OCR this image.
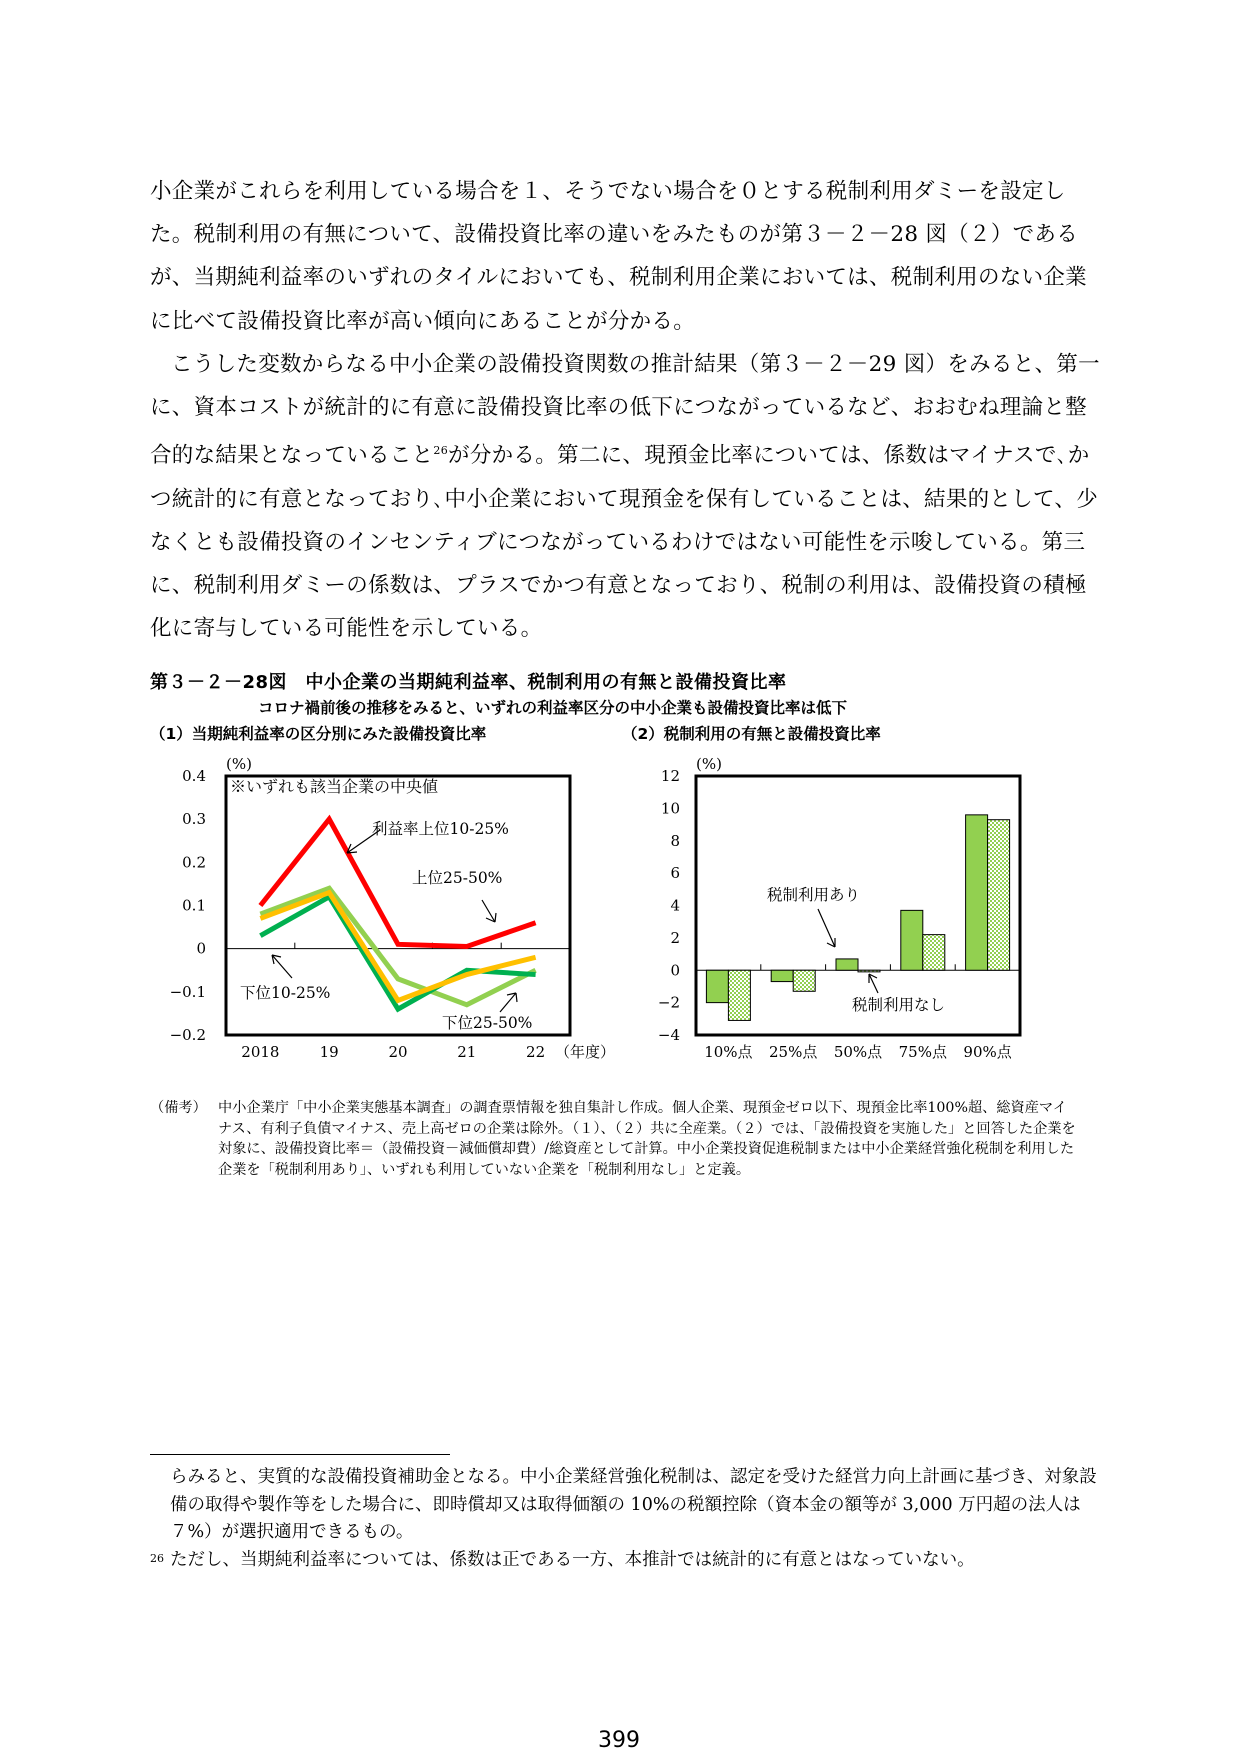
小企業がこれらを利用している場合を１、そうでない場合を０とする税制利用ダミーを設定した。税制利用の有無について、設備投資比率の違いをみたものが第３－２－28 図（２）であるが、当期純利益率のいずれのタイルにおいても、税制利用企業においては、税制利用のない企業に比べて設備投資比率が高い傾向にあることが分かる。

こうした変数からなる中小企業の設備投資関数の推計結果（第３－２－29 図）をみると、第一に、資本コストが統計的に有意に設備投資比率の低下につながっているなど、おおむね理論と整合的な結果となっていること$^{26}$が分かる。第二に、現預金比率については、係数はマイナスで､かつ統計的に有意となっており､中小企業において現預金を保有していることは、結果的として、少なくとも設備投資のインセンティブにつながっているわけではない可能性を示唆している。第三に、税制利用ダミーの係数は、プラスでかつ有意となっており、税制の利用は、設備投資の積極化に寄与している可能性を示している。

第３－２－28図　中小企業の当期純利益率、税制利用の有無と設備投資比率
コロナ禍前後の推移をみると、いずれの利益率区分の中小企業も設備投資比率は低下
（1）当期純利益率の区分別にみた設備投資比率	（2）税制利用の有無と設備投資比率
0.4
0.3
0.2
0.1
0
−0.1
−0.2
2018	19	20	21	22
(%)
※いずれも該当企業の中央値
（年度）
利益率上位10-25%
上位25-50%
下位10-25%
下位25-50%
12
10
8
6
4
2
0
−2
−4
10%点 25%点 50%点 75%点 90%点
(%)
税制利用あり
税制利用なし
（備考） 中小企業庁「中小企業実態基本調査」の調査票情報を独自集計し作成。個人企業、現預金ゼロ以下、現預金比率100%超、総資産マイナス、有利子負債マイナス、売上高ゼロの企業は除外。（１）、（２）共に全産業。（２）では、「設備投資を実施した」と回答した企業を対象に、設備投資比率＝（設備投資－減価償却費）/総資産として計算。中小企業投資促進税制または中小企業経営強化税制を利用した企業を「税制利用あり」、いずれも利用していない企業を「税制利用なし」と定義。

らみると、実質的な設備投資補助金となる。中小企業経営強化税制は、認定を受けた経営力向上計画に基づき、対象設備の取得や製作等をした場合に、即時償却又は取得価額の 10%の税額控除（資本金の額等が 3,000 万円超の法人は７%）が選択適用できるもの。

26 ただし、当期純利益率については、係数は正である一方、本推計では統計的に有意とはなっていない。

399
